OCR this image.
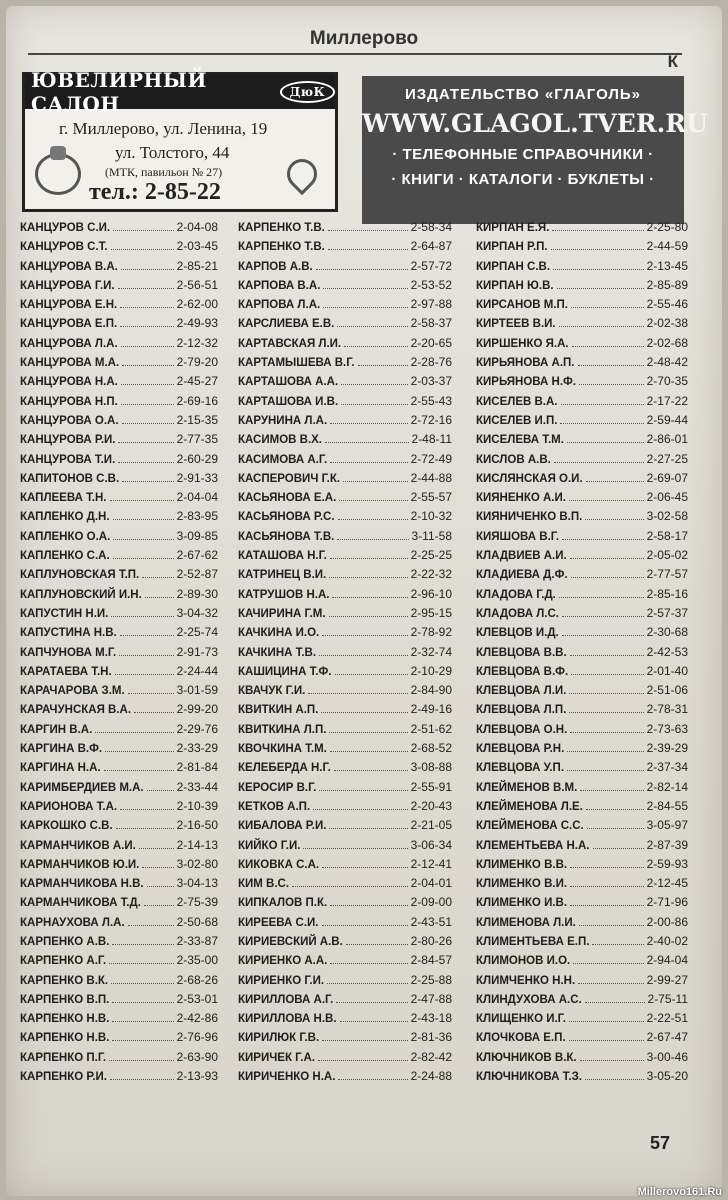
Миллерово
К
ЮВЕЛИРНЫЙ САЛОН	ДюК
г. Миллерово, ул. Ленина, 19
ул. Толстого, 44
(МТК, павильон № 27)
тел.: 2-85-22
ИЗДАТЕЛЬСТВО «ГЛАГОЛЬ»
WWW.GLAGOL.TVER.RU
· ТЕЛЕФОННЫЕ СПРАВОЧНИКИ ·
· КНИГИ · КАТАЛОГИ · БУКЛЕТЫ ·
КАНЦУРОВ С.И.	2-04-08
КАНЦУРОВ С.Т.	2-03-45
КАНЦУРОВА В.А.	2-85-21
КАНЦУРОВА Г.И.	2-56-51
КАНЦУРОВА Е.Н.	2-62-00
КАНЦУРОВА Е.П.	2-49-93
КАНЦУРОВА Л.А.	2-12-32
КАНЦУРОВА М.А.	2-79-20
КАНЦУРОВА Н.А.	2-45-27
КАНЦУРОВА Н.П.	2-69-16
КАНЦУРОВА О.А.	2-15-35
КАНЦУРОВА Р.И.	2-77-35
КАНЦУРОВА Т.И.	2-60-29
КАПИТОНОВ С.В.	2-91-33
КАПЛЕЕВА Т.Н.	2-04-04
КАПЛЕНКО Д.Н.	2-83-95
КАПЛЕНКО О.А.	3-09-85
КАПЛЕНКО С.А.	2-67-62
КАПЛУНОВСКАЯ Т.П.	2-52-87
КАПЛУНОВСКИЙ И.Н.	2-89-30
КАПУСТИН Н.И.	3-04-32
КАПУСТИНА Н.В.	2-25-74
КАПЧУНОВА М.Г.	2-91-73
КАРАТАЕВА Т.Н.	2-24-44
КАРАЧАРОВА З.М.	3-01-59
КАРАЧУНСКАЯ В.А.	2-99-20
КАРГИН В.А.	2-29-76
КАРГИНА В.Ф.	2-33-29
КАРГИНА Н.А.	2-81-84
КАРИМБЕРДИЕВ М.А.	2-33-44
КАРИОНОВА Т.А.	2-10-39
КАРКОШКО С.В.	2-16-50
КАРМАНЧИКОВ А.И.	2-14-13
КАРМАНЧИКОВ Ю.И.	3-02-80
КАРМАНЧИКОВА Н.В.	3-04-13
КАРМАНЧИКОВА Т.Д.	2-75-39
КАРНАУХОВА Л.А.	2-50-68
КАРПЕНКО А.В.	2-33-87
КАРПЕНКО А.Г.	2-35-00
КАРПЕНКО В.К.	2-68-26
КАРПЕНКО В.П.	2-53-01
КАРПЕНКО Н.В.	2-42-86
КАРПЕНКО Н.В.	2-76-96
КАРПЕНКО П.Г.	2-63-90
КАРПЕНКО Р.И.	2-13-93
КАРПЕНКО Т.В.	2-58-34
КАРПЕНКО Т.В.	2-64-87
КАРПОВ А.В.	2-57-72
КАРПОВА В.А.	2-53-52
КАРПОВА Л.А.	2-97-88
КАРСЛИЕВА Е.В.	2-58-37
КАРТАВСКАЯ Л.И.	2-20-65
КАРТАМЫШЕВА В.Г.	2-28-76
КАРТАШОВА А.А.	2-03-37
КАРТАШОВА И.В.	2-55-43
КАРУНИНА Л.А.	2-72-16
КАСИМОВ В.Х.	2-48-11
КАСИМОВА А.Г.	2-72-49
КАСПЕРОВИЧ Г.К.	2-44-88
КАСЬЯНОВА Е.А.	2-55-57
КАСЬЯНОВА Р.С.	2-10-32
КАСЬЯНОВА Т.В.	3-11-58
КАТАШОВА Н.Г.	2-25-25
КАТРИНЕЦ В.И.	2-22-32
КАТРУШОВ Н.А.	2-96-10
КАЧИРИНА Г.М.	2-95-15
КАЧКИНА И.О.	2-78-92
КАЧКИНА Т.В.	2-32-74
КАШИЦИНА Т.Ф.	2-10-29
КВАЧУК Г.И.	2-84-90
КВИТКИН А.П.	2-49-16
КВИТКИНА Л.П.	2-51-62
КВОЧКИНА Т.М.	2-68-52
КЕЛЕБЕРДА Н.Г.	3-08-88
КЕРОСИР В.Г.	2-55-91
КЕТКОВ А.П.	2-20-43
КИБАЛОВА Р.И.	2-21-05
КИЙКО Г.И.	3-06-34
КИКОВКА С.А.	2-12-41
КИМ В.С.	2-04-01
КИПКАЛОВ П.К.	2-09-00
КИРЕЕВА С.И.	2-43-51
КИРИЕВСКИЙ А.В.	2-80-26
КИРИЕНКО А.А.	2-84-57
КИРИЕНКО Г.И.	2-25-88
КИРИЛЛОВА А.Г.	2-47-88
КИРИЛЛОВА Н.В.	2-43-18
КИРИЛЮК Г.В.	2-81-36
КИРИЧЕК Г.А.	2-82-42
КИРИЧЕНКО Н.А.	2-24-88
КИРПАН Е.Я.	2-25-80
КИРПАН Р.П.	2-44-59
КИРПАН С.В.	2-13-45
КИРПАН Ю.В.	2-85-89
КИРСАНОВ М.П.	2-55-46
КИРТЕЕВ В.И.	2-02-38
КИРШЕНКО Я.А.	2-02-68
КИРЬЯНОВА А.П.	2-48-42
КИРЬЯНОВА Н.Ф.	2-70-35
КИСЕЛЕВ В.А.	2-17-22
КИСЕЛЕВ И.П.	2-59-44
КИСЕЛЕВА Т.М.	2-86-01
КИСЛОВ А.В.	2-27-25
КИСЛЯНСКАЯ О.И.	2-69-07
КИЯНЕНКО А.И.	2-06-45
КИЯНИЧЕНКО В.П.	3-02-58
КИЯШОВА В.Г.	2-58-17
КЛАДВИЕВ А.И.	2-05-02
КЛАДИЕВА Д.Ф.	2-77-57
КЛАДОВА Г.Д.	2-85-16
КЛАДОВА Л.С.	2-57-37
КЛЕВЦОВ И.Д.	2-30-68
КЛЕВЦОВА В.В.	2-42-53
КЛЕВЦОВА В.Ф.	2-01-40
КЛЕВЦОВА Л.И.	2-51-06
КЛЕВЦОВА Л.П.	2-78-31
КЛЕВЦОВА О.Н.	2-73-63
КЛЕВЦОВА Р.Н.	2-39-29
КЛЕВЦОВА У.П.	2-37-34
КЛЕЙМЕНОВ В.М.	2-82-14
КЛЕЙМЕНОВА Л.Е.	2-84-55
КЛЕЙМЕНОВА С.С.	3-05-97
КЛЕМЕНТЬЕВА Н.А.	2-87-39
КЛИМЕНКО В.В.	2-59-93
КЛИМЕНКО В.И.	2-12-45
КЛИМЕНКО И.В.	2-71-96
КЛИМЕНОВА Л.И.	2-00-86
КЛИМЕНТЬЕВА Е.П.	2-40-02
КЛИМОНОВ И.О.	2-94-04
КЛИМЧЕНКО Н.Н.	2-99-27
КЛИНДУХОВА А.С.	2-75-11
КЛИЩЕНКО И.Г.	2-22-51
КЛОЧКОВА Е.П.	2-67-47
КЛЮЧНИКОВ В.К.	3-00-46
КЛЮЧНИКОВА Т.З.	3-05-20
57
Millerovo161.Ru
